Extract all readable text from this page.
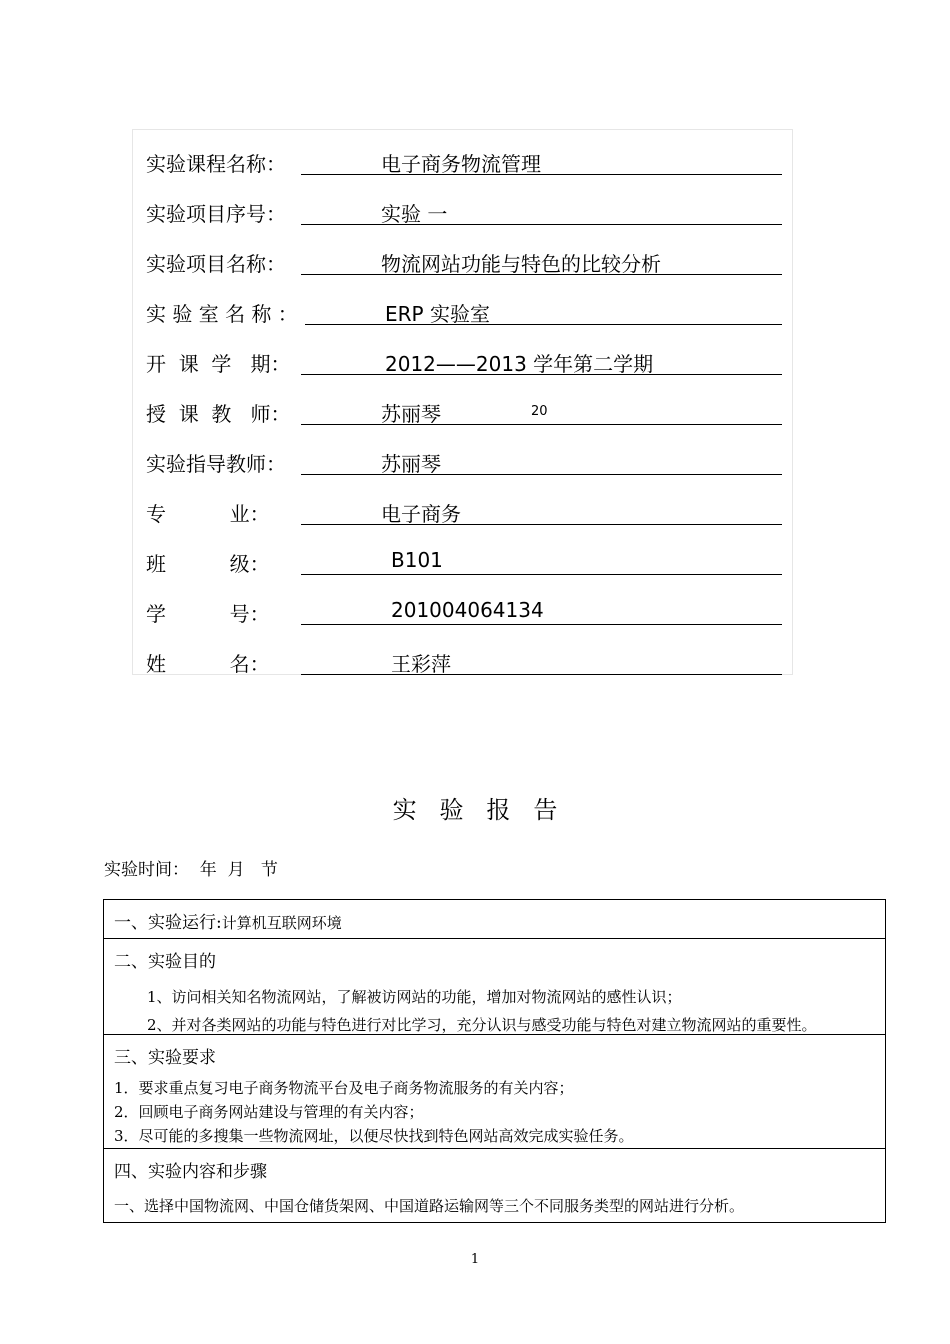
实验课程名称：	电子商务物流管理
实验项目序号：	实验 一
实验项目名称：	物流网站功能与特色的比较分析
实 验 室 名 称 ：	ERP 实验室
开  课  学   期：	2012——2013 学年第二学期
授  课  教   师：	苏丽琴	20
实验指导教师：	苏丽琴
专          业：	电子商务
班          级：	B101
学          号：	201004064134
姓          名：	王彩萍
实   验   报   告
实验时间：  年  月   节
一、实验运行:计算机互联网环境
二、实验目的
1、访问相关知名物流网站，了解被访网站的功能，增加对物流网站的感性认识；
2、并对各类网站的功能与特色进行对比学习，充分认识与感受功能与特色对建立物流网站的重要性。
三、实验要求
1．要求重点复习电子商务物流平台及电子商务物流服务的有关内容；
2．回顾电子商务网站建设与管理的有关内容；
3．尽可能的多搜集一些物流网址，以便尽快找到特色网站高效完成实验任务。
四、实验内容和步骤
一、选择中国物流网、中国仓储货架网、中国道路运输网等三个不同服务类型的网站进行分析。
1
